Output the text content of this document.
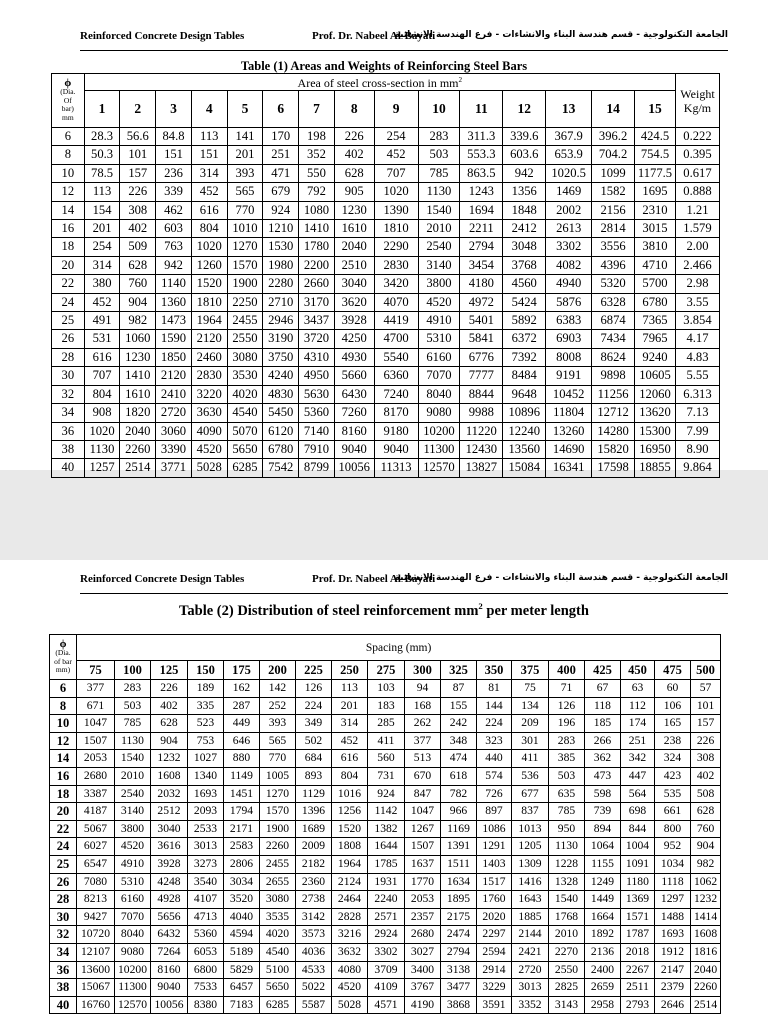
Reinforced Concrete Design Tables	Prof. Dr. Nabeel Al-Bayati
الجامعة التكنولوجية - قسم هندسة البناء والانشاءات - فرع الهندسة الانشائية
Table (1) Areas and Weights of Reinforcing Steel Bars
ϕ
(Dia.
Of
bar)
mm	Area of steel cross-section in $mm^2$															Weight
Kg/m
	1	2	3	4	5	6	7	8	9	10	11	12	13	14	15	
6	28.3	56.6	84.8	113	141	170	198	226	254	283	311.3	339.6	367.9	396.2	424.5	0.222
8	50.3	101	151	151	201	251	352	402	452	503	553.3	603.6	653.9	704.2	754.5	0.395
10	78.5	157	236	314	393	471	550	628	707	785	863.5	942	1020.5	1099	1177.5	0.617
12	113	226	339	452	565	679	792	905	1020	1130	1243	1356	1469	1582	1695	0.888
14	154	308	462	616	770	924	1080	1230	1390	1540	1694	1848	2002	2156	2310	1.21
16	201	402	603	804	1010	1210	1410	1610	1810	2010	2211	2412	2613	2814	3015	1.579
18	254	509	763	1020	1270	1530	1780	2040	2290	2540	2794	3048	3302	3556	3810	2.00
20	314	628	942	1260	1570	1980	2200	2510	2830	3140	3454	3768	4082	4396	4710	2.466
22	380	760	1140	1520	1900	2280	2660	3040	3420	3800	4180	4560	4940	5320	5700	2.98
24	452	904	1360	1810	2250	2710	3170	3620	4070	4520	4972	5424	5876	6328	6780	3.55
25	491	982	1473	1964	2455	2946	3437	3928	4419	4910	5401	5892	6383	6874	7365	3.854
26	531	1060	1590	2120	2550	3190	3720	4250	4700	5310	5841	6372	6903	7434	7965	4.17
28	616	1230	1850	2460	3080	3750	4310	4930	5540	6160	6776	7392	8008	8624	9240	4.83
30	707	1410	2120	2830	3530	4240	4950	5660	6360	7070	7777	8484	9191	9898	10605	5.55
32	804	1610	2410	3220	4020	4830	5630	6430	7240	8040	8844	9648	10452	11256	12060	6.313
34	908	1820	2720	3630	4540	5450	5360	7260	8170	9080	9988	10896	11804	12712	13620	7.13
36	1020	2040	3060	4090	5070	6120	7140	8160	9180	10200	11220	12240	13260	14280	15300	7.99
38	1130	2260	3390	4520	5650	6780	7910	9040	9040	11300	12430	13560	14690	15820	16950	8.90
40	1257	2514	3771	5028	6285	7542	8799	10056	11313	12570	13827	15084	16341	17598	18855	9.864
Reinforced Concrete Design Tables	Prof. Dr. Nabeel Al-Bayati
الجامعة التكنولوجية - قسم هندسة البناء والانشاءات - فرع الهندسة الانشائية
Table (2) Distribution of steel reinforcement $mm^2$ per meter length
ϕ
(Dia.
of bar
mm)	Spacing (mm)																	
	75	100	125	150	175	200	225	250	275	300	325	350	375	400	425	450	475	500
6	377	283	226	189	162	142	126	113	103	94	87	81	75	71	67	63	60	57
8	671	503	402	335	287	252	224	201	183	168	155	144	134	126	118	112	106	101
10	1047	785	628	523	449	393	349	314	285	262	242	224	209	196	185	174	165	157
12	1507	1130	904	753	646	565	502	452	411	377	348	323	301	283	266	251	238	226
14	2053	1540	1232	1027	880	770	684	616	560	513	474	440	411	385	362	342	324	308
16	2680	2010	1608	1340	1149	1005	893	804	731	670	618	574	536	503	473	447	423	402
18	3387	2540	2032	1693	1451	1270	1129	1016	924	847	782	726	677	635	598	564	535	508
20	4187	3140	2512	2093	1794	1570	1396	1256	1142	1047	966	897	837	785	739	698	661	628
22	5067	3800	3040	2533	2171	1900	1689	1520	1382	1267	1169	1086	1013	950	894	844	800	760
24	6027	4520	3616	3013	2583	2260	2009	1808	1644	1507	1391	1291	1205	1130	1064	1004	952	904
25	6547	4910	3928	3273	2806	2455	2182	1964	1785	1637	1511	1403	1309	1228	1155	1091	1034	982
26	7080	5310	4248	3540	3034	2655	2360	2124	1931	1770	1634	1517	1416	1328	1249	1180	1118	1062
28	8213	6160	4928	4107	3520	3080	2738	2464	2240	2053	1895	1760	1643	1540	1449	1369	1297	1232
30	9427	7070	5656	4713	4040	3535	3142	2828	2571	2357	2175	2020	1885	1768	1664	1571	1488	1414
32	10720	8040	6432	5360	4594	4020	3573	3216	2924	2680	2474	2297	2144	2010	1892	1787	1693	1608
34	12107	9080	7264	6053	5189	4540	4036	3632	3302	3027	2794	2594	2421	2270	2136	2018	1912	1816
36	13600	10200	8160	6800	5829	5100	4533	4080	3709	3400	3138	2914	2720	2550	2400	2267	2147	2040
38	15067	11300	9040	7533	6457	5650	5022	4520	4109	3767	3477	3229	3013	2825	2659	2511	2379	2260
40	16760	12570	10056	8380	7183	6285	5587	5028	4571	4190	3868	3591	3352	3143	2958	2793	2646	2514
